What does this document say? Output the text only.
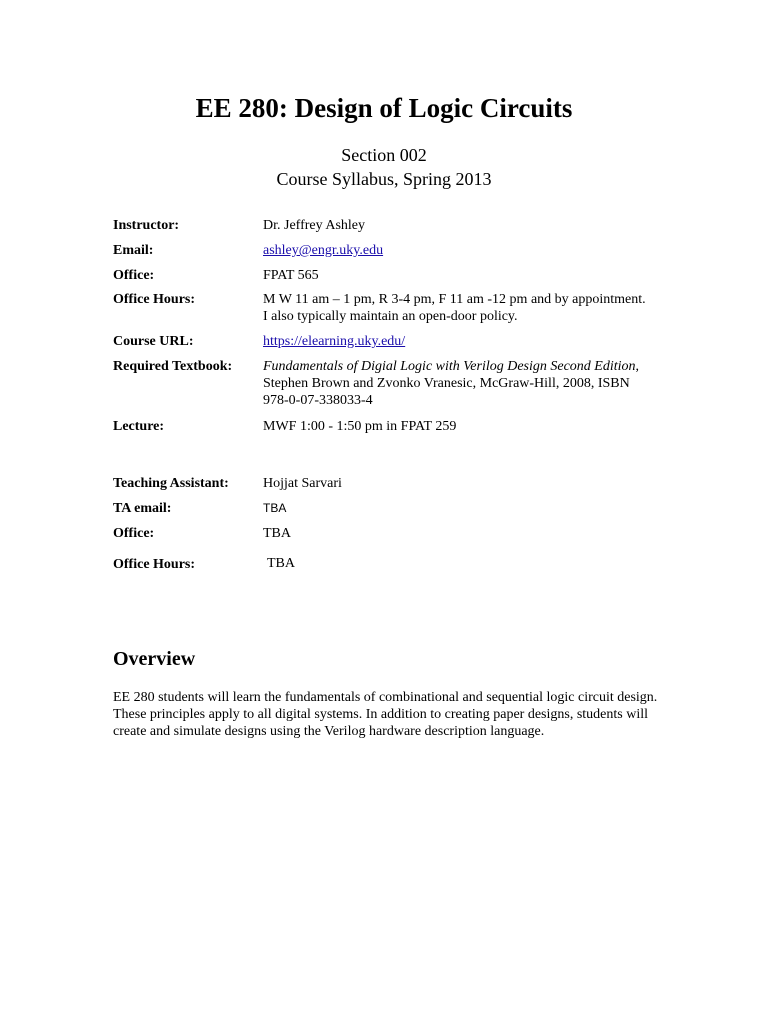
EE 280: Design of Logic Circuits
Section 002
Course Syllabus, Spring 2013
Instructor:	Dr. Jeffrey Ashley
Email:	ashley@engr.uky.edu
Office:	FPAT 565
Office Hours:	M W 11 am – 1 pm, R 3-4 pm, F 11 am -12 pm and by appointment. I also typically maintain an open-door policy.
Course URL:	https://elearning.uky.edu/
Required Textbook:	Fundamentals of Digial Logic with Verilog Design Second Edition, Stephen Brown and Zvonko Vranesic, McGraw-Hill, 2008, ISBN 978-0-07-338033-4
Lecture:	MWF 1:00 - 1:50 pm in FPAT 259
Teaching Assistant:	Hojjat Sarvari
TA email:	TBA
Office:	TBA
Office Hours:	TBA
Overview

EE 280 students will learn the fundamentals of combinational and sequential logic circuit design. These principles apply to all digital systems. In addition to creating paper designs, students will create and simulate designs using the Verilog hardware description language.
